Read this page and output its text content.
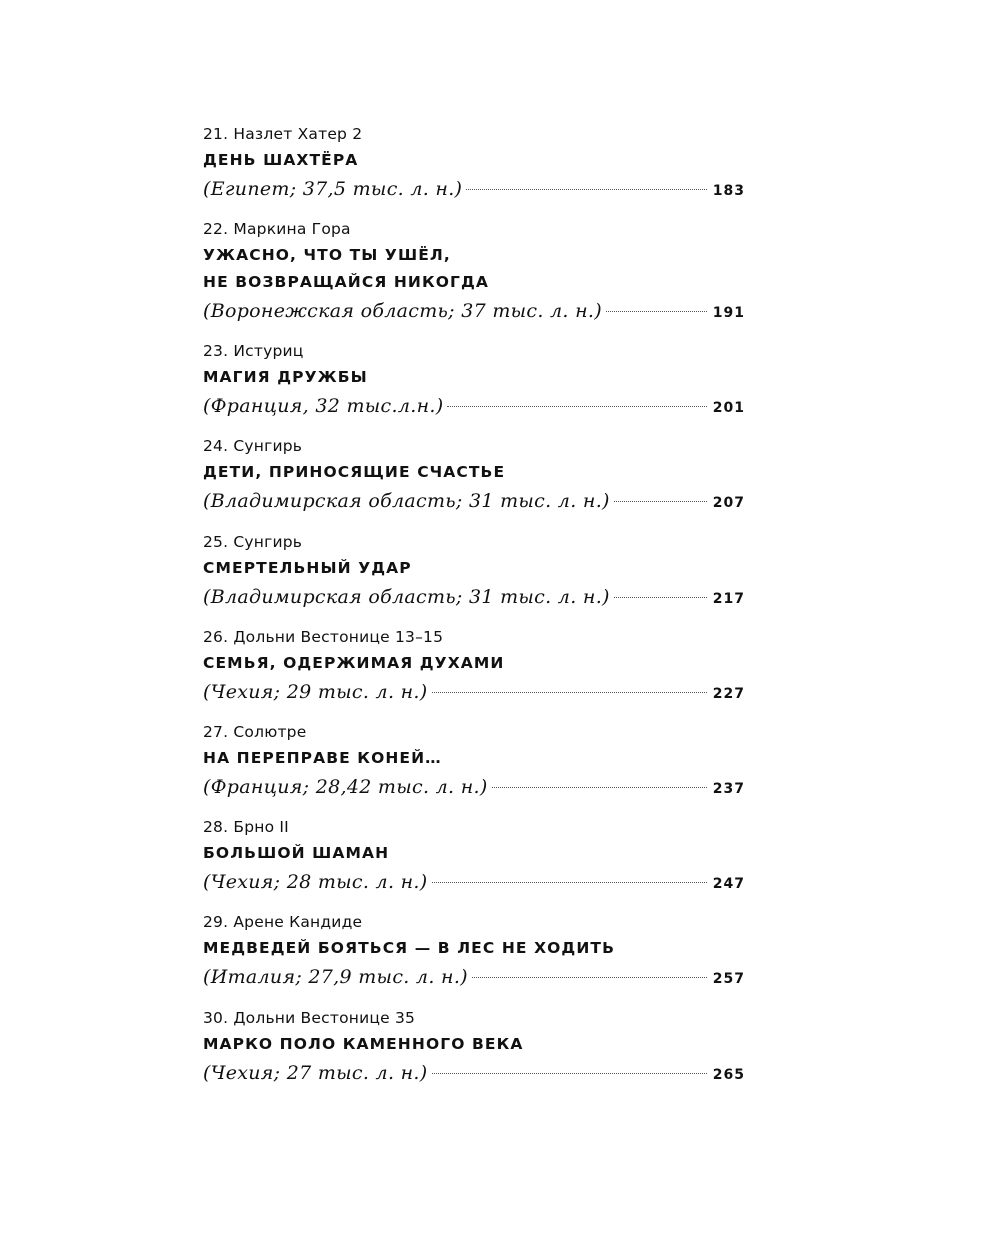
21. Назлет Хатер 2
ДЕНЬ ШАХТЁРА
(Египет; 37,5 тыс. л. н.)	183
22. Маркина Гора
УЖАСНО, ЧТО ТЫ УШЁЛ,
НЕ ВОЗВРАЩАЙСЯ НИКОГДА
(Воронежская область; 37 тыс. л. н.)	191
23. Истуриц
МАГИЯ ДРУЖБЫ
(Франция, 32 тыс.л.н.)	201
24. Сунгирь
ДЕТИ, ПРИНОСЯЩИЕ СЧАСТЬЕ
(Владимирская область; 31 тыс. л. н.)	207
25. Сунгирь
СМЕРТЕЛЬНЫЙ УДАР
(Владимирская область; 31 тыс. л. н.)	217
26. Дольни Вестонице 13–15
СЕМЬЯ, ОДЕРЖИМАЯ ДУХАМИ
(Чехия; 29 тыс. л. н.)	227
27. Солютре
НА ПЕРЕПРАВЕ КОНЕЙ…
(Франция; 28,42 тыс. л. н.)	237
28. Брно II
БОЛЬШОЙ ШАМАН
(Чехия; 28 тыс. л. н.)	247
29. Арене Кандиде
МЕДВЕДЕЙ БОЯТЬСЯ — В ЛЕС НЕ ХОДИТЬ
(Италия; 27,9 тыс. л. н.)	257
30. Дольни Вестонице 35
МАРКО ПОЛО КАМЕННОГО ВЕКА
(Чехия; 27 тыс. л. н.)	265
